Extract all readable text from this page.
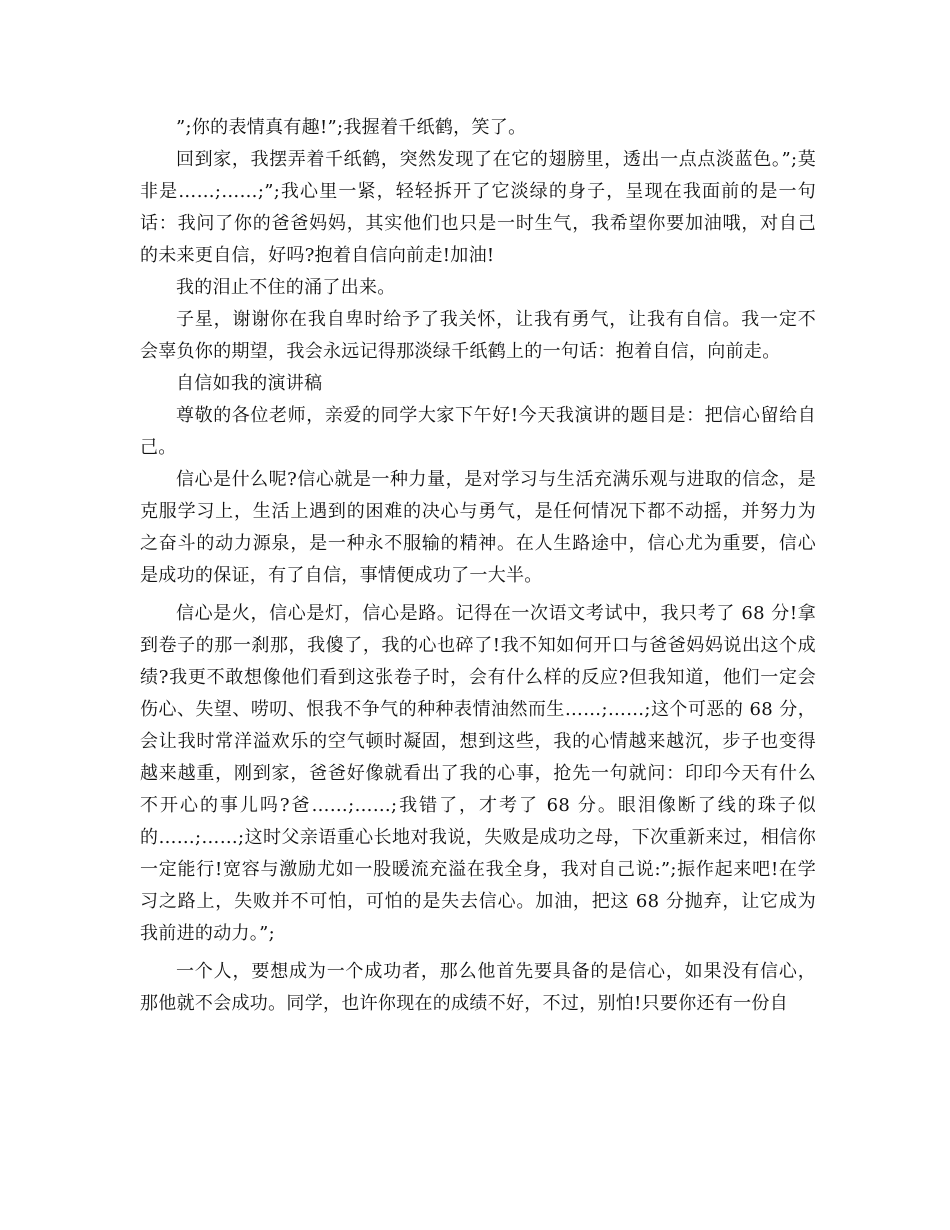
”;你的表情真有趣!”;我握着千纸鹤，笑了。

回到家，我摆弄着千纸鹤，突然发现了在它的翅膀里，透出一点点淡蓝色。”;莫非是……;……;”;我心里一紧，轻轻拆开了它淡绿的身子，呈现在我面前的是一句话：我问了你的爸爸妈妈，其实他们也只是一时生气，我希望你要加油哦，对自己的未来更自信，好吗?抱着自信向前走!加油!

我的泪止不住的涌了出来。

子星，谢谢你在我自卑时给予了我关怀，让我有勇气，让我有自信。我一定不会辜负你的期望，我会永远记得那淡绿千纸鹤上的一句话：抱着自信，向前走。

自信如我的演讲稿

尊敬的各位老师，亲爱的同学大家下午好!今天我演讲的题目是：把信心留给自己。

信心是什么呢?信心就是一种力量，是对学习与生活充满乐观与进取的信念，是克服学习上，生活上遇到的困难的决心与勇气，是任何情况下都不动摇，并努力为之奋斗的动力源泉，是一种永不服输的精神。在人生路途中，信心尤为重要，信心是成功的保证，有了自信，事情便成功了一大半。

信心是火，信心是灯，信心是路。记得在一次语文考试中，我只考了 68 分!拿到卷子的那一刹那，我傻了，我的心也碎了!我不知如何开口与爸爸妈妈说出这个成绩?我更不敢想像他们看到这张卷子时，会有什么样的反应?但我知道，他们一定会伤心、失望、唠叨、恨我不争气的种种表情油然而生……;……;这个可恶的 68 分，会让我时常洋溢欢乐的空气顿时凝固，想到这些，我的心情越来越沉，步子也变得越来越重，刚到家，爸爸好像就看出了我的心事，抢先一句就问：印印今天有什么不开心的事儿吗?爸……;……;我错了，才考了 68 分。眼泪像断了线的珠子似的……;……;这时父亲语重心长地对我说，失败是成功之母，下次重新来过，相信你一定能行!宽容与激励尤如一股暖流充溢在我全身，我对自己说:”;振作起来吧!在学习之路上，失败并不可怕，可怕的是失去信心。加油，把这 68 分抛弃，让它成为我前进的动力。”;

一个人，要想成为一个成功者，那么他首先要具备的是信心，如果没有信心，那他就不会成功。同学，也许你现在的成绩不好，不过，别怕!只要你还有一份自
